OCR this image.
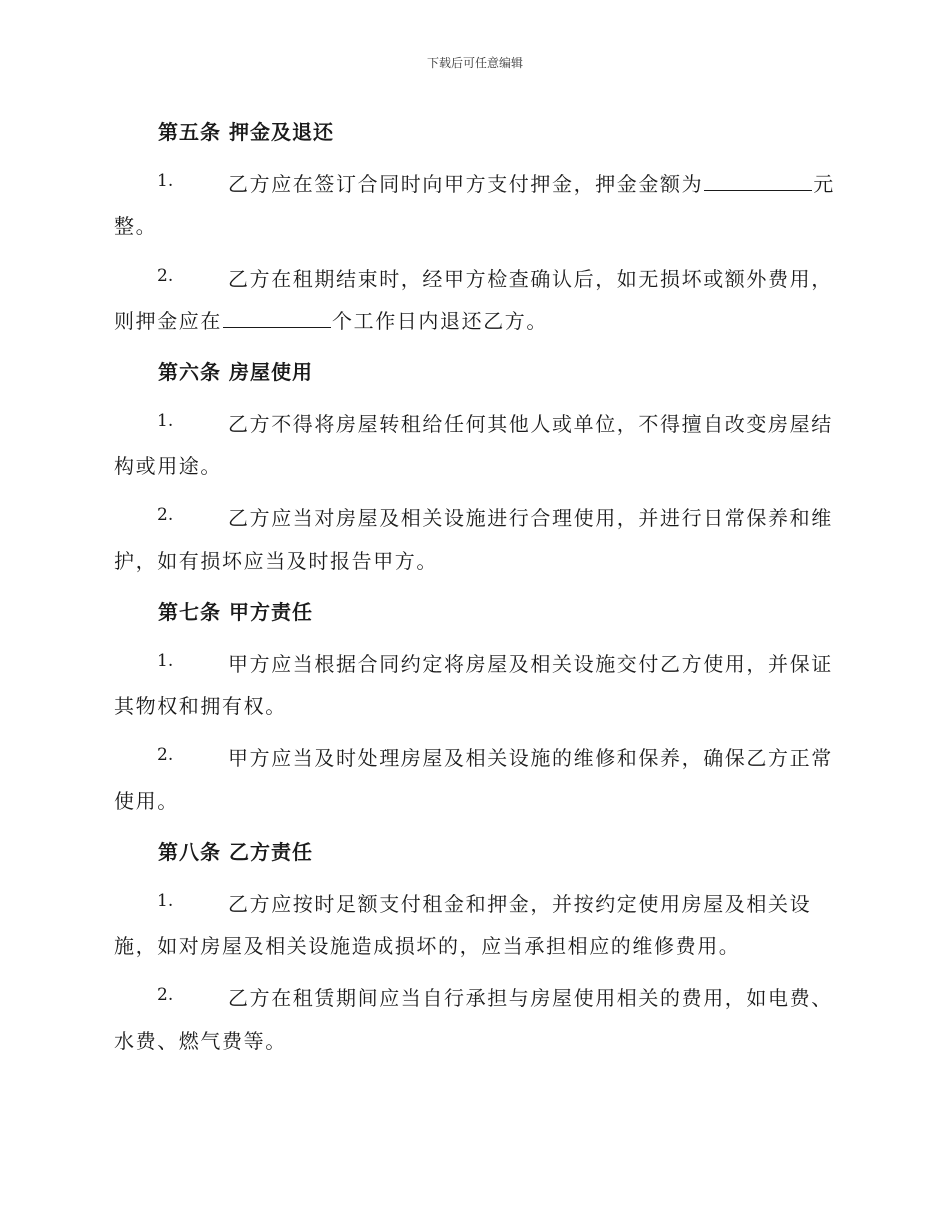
下载后可任意编辑
第五条 押金及退还
1.	乙方应在签订合同时向甲方支付押金，押金金额为	元
整。
2.	乙方在租期结束时，经甲方检查确认后，如无损坏或额外费用，
则押金应在	个工作日内退还乙方。
第六条 房屋使用
1.	乙方不得将房屋转租给任何其他人或单位，不得擅自改变房屋结
构或用途。
2.	乙方应当对房屋及相关设施进行合理使用，并进行日常保养和维
护，如有损坏应当及时报告甲方。
第七条 甲方责任
1.	甲方应当根据合同约定将房屋及相关设施交付乙方使用，并保证
其物权和拥有权。
2.	甲方应当及时处理房屋及相关设施的维修和保养，确保乙方正常
使用。
第八条 乙方责任
1.	乙方应按时足额支付租金和押金，并按约定使用房屋及相关设
施，如对房屋及相关设施造成损坏的，应当承担相应的维修费用。
2.	乙方在租赁期间应当自行承担与房屋使用相关的费用，如电费、
水费、燃气费等。
